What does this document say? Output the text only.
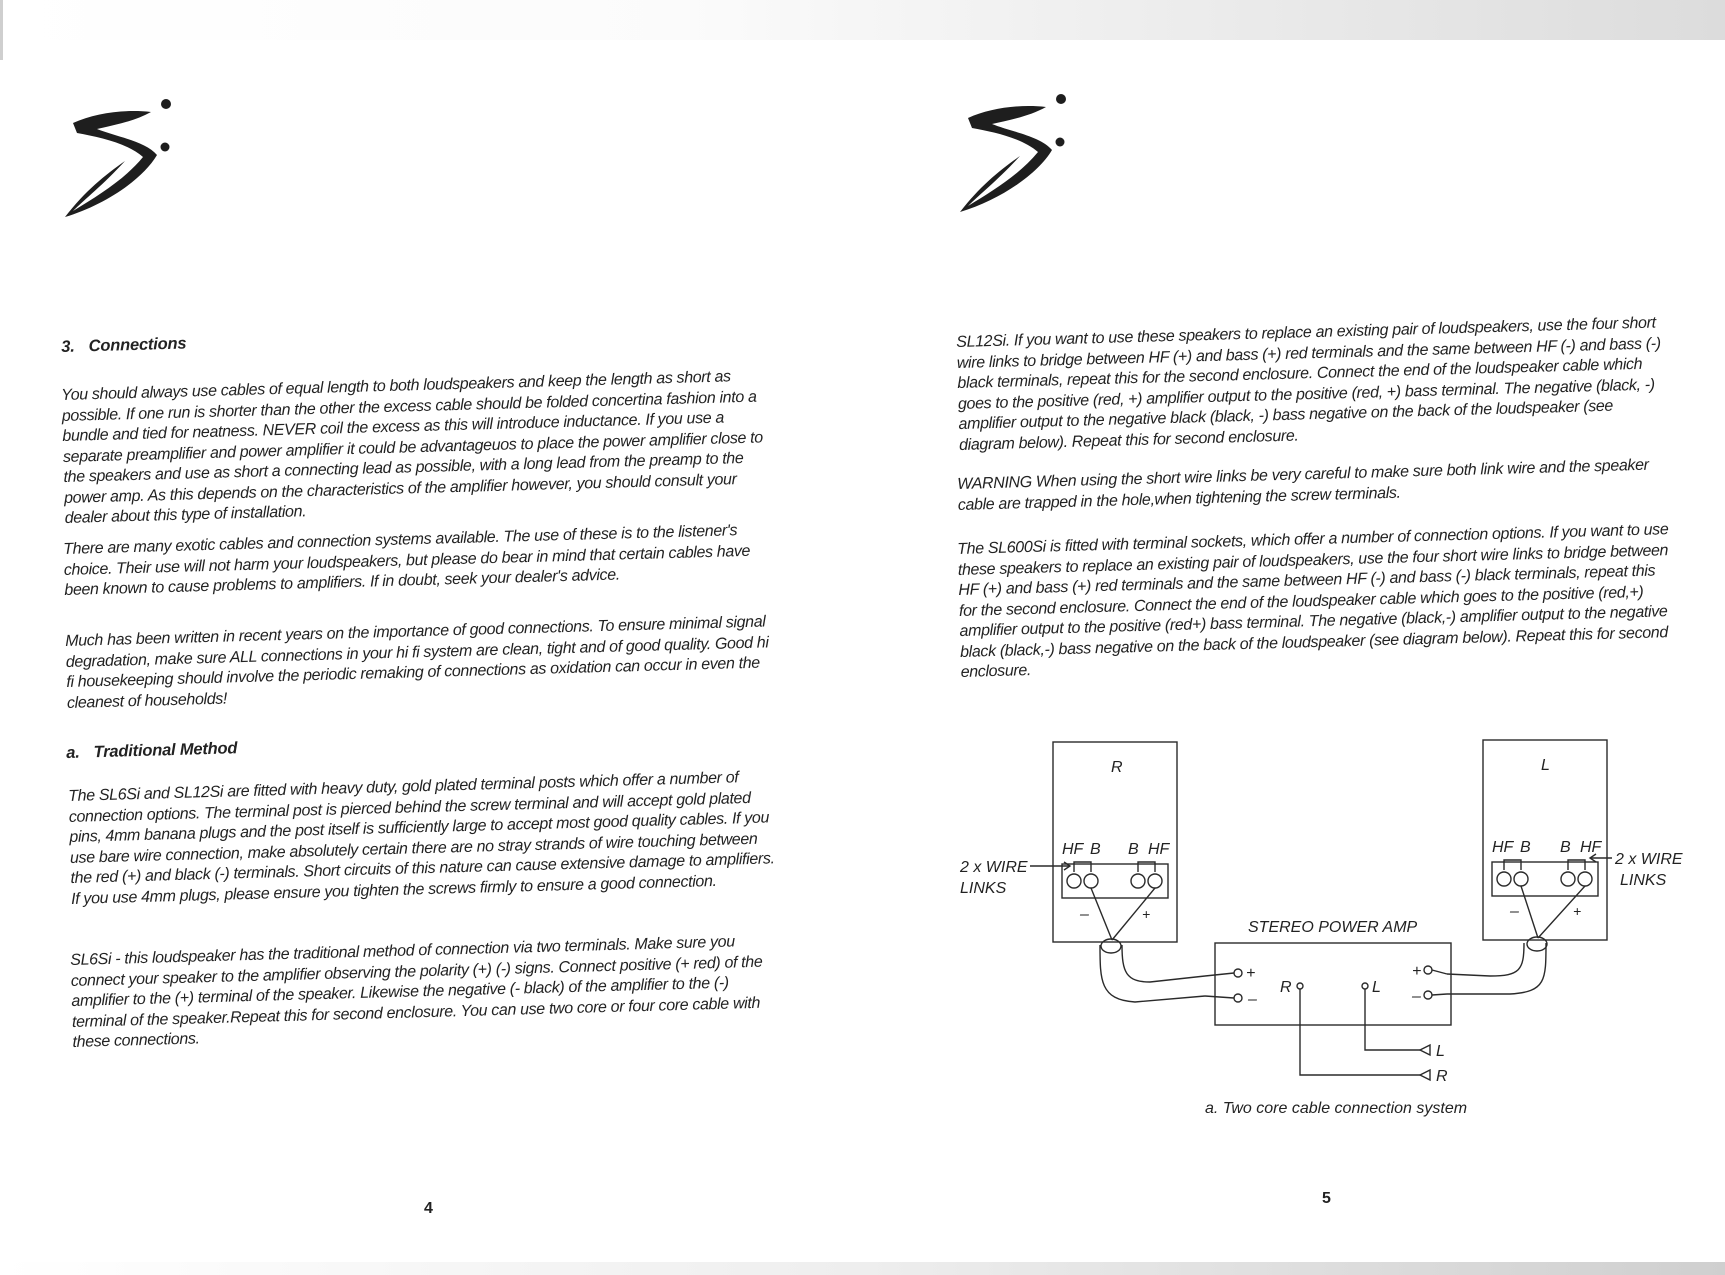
3. Connections
You should always use cables of equal length to both loudspeakers and keep the length as short as possible. If one run is shorter than the other the excess cable should be folded concertina fashion into a bundle and tied for neatness. NEVER coil the excess as this will introduce inductance. If you use a separate preamplifier and power amplifier it could be advantageuos to place the power amplifier close to the speakers and use as short a connecting lead as possible, with a long lead from the preamp to the power amp. As this depends on the characteristics of the amplifier however, you should consult your dealer about this type of installation.
There are many exotic cables and connection systems available. The use of these is to the listener's choice. Their use will not harm your loudspeakers, but please do bear in mind that certain cables have been known to cause problems to amplifiers. If in doubt, seek your dealer's advice.
Much has been written in recent years on the importance of good connections. To ensure minimal signal degradation, make sure ALL connections in your hi fi system are clean, tight and of good quality. Good hi fi housekeeping should involve the periodic remaking of connections as oxidation can occur in even the cleanest of households!
a. Traditional Method
The SL6Si and SL12Si are fitted with heavy duty, gold plated terminal posts which offer a number of connection options. The terminal post is pierced behind the screw terminal and will accept gold plated pins, 4mm banana plugs and the post itself is sufficiently large to accept most good quality cables. If you use bare wire connection, make absolutely certain there are no stray strands of wire touching between the red (+) and black (-) terminals. Short circuits of this nature can cause extensive damage to amplifiers. If you use 4mm plugs, please ensure you tighten the screws firmly to ensure a good connection.
SL6Si - this loudspeaker has the traditional method of connection via two terminals. Make sure you connect your speaker to the amplifier observing the polarity (+) (-) signs. Connect positive (+ red) of the amplifier to the (+) terminal of the speaker. Likewise the negative (- black) of the amplifier to the (-) terminal of the speaker.Repeat this for second enclosure. You can use two core or four core cable with these connections.
4
SL12Si. If you want to use these speakers to replace an existing pair of loudspeakers, use the four short wire links to bridge between HF (+) and bass (+) red terminals and the same between HF (-) and bass (-) black terminals, repeat this for the second enclosure. Connect the end of the loudspeaker cable which goes to the positive (red, +) amplifier output to the positive (red, +) bass terminal. The negative (black, -) amplifier output to the negative black (black, -) bass negative on the back of the loudspeaker (see diagram below). Repeat this for second enclosure.
WARNING When using the short wire links be very careful to make sure both link wire and the speaker cable are trapped in the hole,when tightening the screw terminals.
The SL600Si is fitted with terminal sockets, which offer a number of connection options. If you want to use these speakers to replace an existing pair of loudspeakers, use the four short wire links to bridge between HF (+) and bass (+) red terminals and the same between HF (-) and bass (-) black terminals, repeat this for the second enclosure. Connect the end of the loudspeaker cable which goes to the positive (red,+) amplifier output to the positive (red+) bass terminal. The negative (black,-) amplifier output to the negative black (black,-) bass negative on the back of the loudspeaker (see diagram below). Repeat this for second enclosure.
R	L
HF B B HF
–	+
HF B B HF
–	+
2 x WIRE
LINKS
2 x WIRE
LINKS
STEREO POWER AMP
+
–
+
–
R	L
L
R
a. Two core cable connection system
5
